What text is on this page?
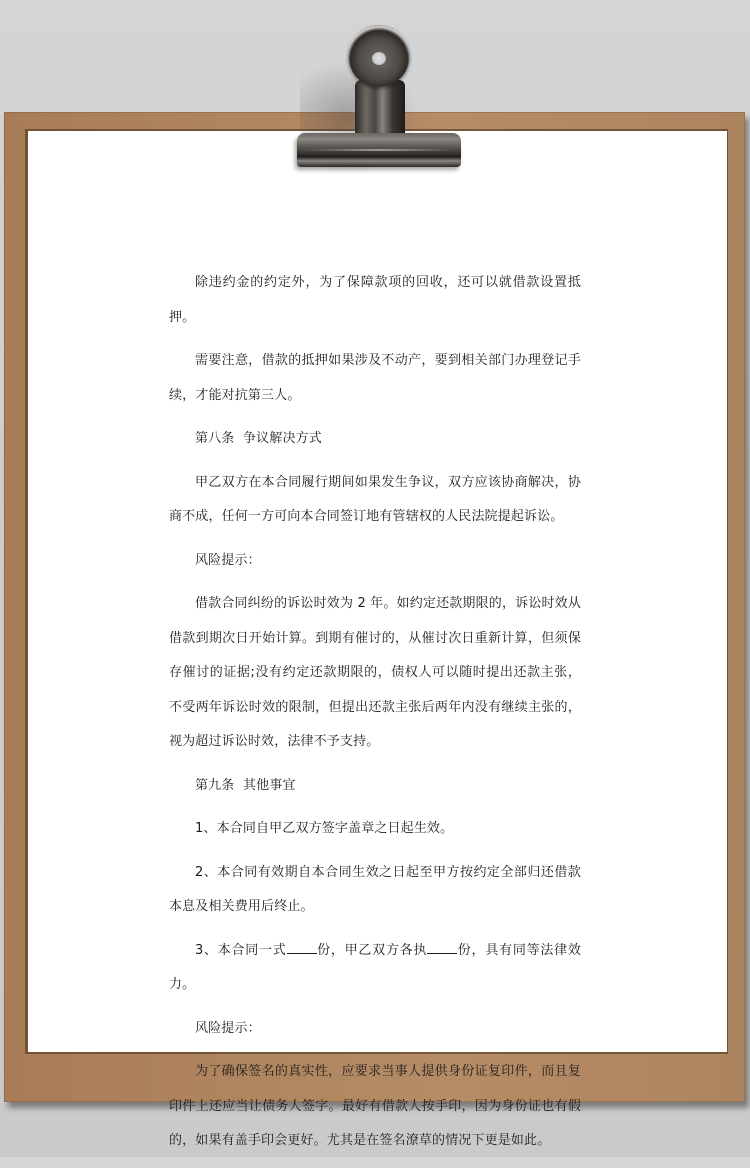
除违约金的约定外，为了保障款项的回收，还可以就借款设置抵押。

需要注意，借款的抵押如果涉及不动产，要到相关部门办理登记手续，才能对抗第三人。

第八条  争议解决方式

甲乙双方在本合同履行期间如果发生争议，双方应该协商解决，协商不成，任何一方可向本合同签订地有管辖权的人民法院提起诉讼。

风险提示：

借款合同纠纷的诉讼时效为 2 年。如约定还款期限的，诉讼时效从借款到期次日开始计算。到期有催讨的，从催讨次日重新计算，但须保存催讨的证据;没有约定还款期限的，债权人可以随时提出还款主张，不受两年诉讼时效的限制，但提出还款主张后两年内没有继续主张的，视为超过诉讼时效，法律不予支持。

第九条  其他事宜

1、本合同自甲乙双方签字盖章之日起生效。

2、本合同有效期自本合同生效之日起至甲方按约定全部归还借款本息及相关费用后终止。

3、本合同一式 份，甲乙双方各执 份，具有同等法律效力。

风险提示：

为了确保签名的真实性，应要求当事人提供身份证复印件，而且复印件上还应当让债务人签字。最好有借款人按手印，因为身份证也有假的，如果有盖手印会更好。尤其是在签名潦草的情况下更是如此。
